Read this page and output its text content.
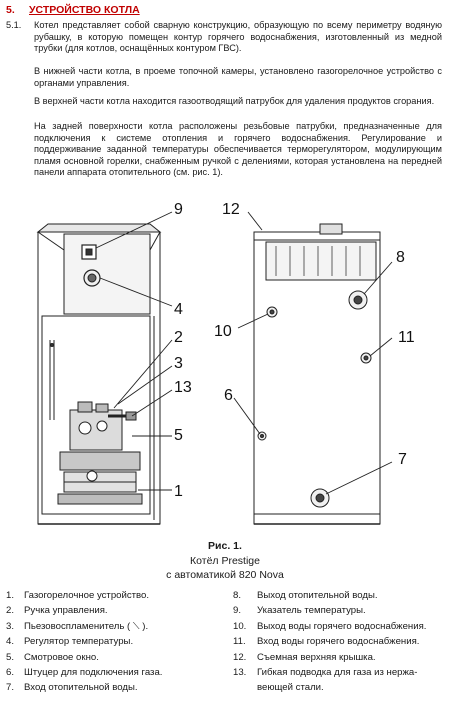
5. УСТРОЙСТВО КОТЛА
5.1. Котел представляет собой сварную конструкцию, образующую по всему периметру водяную рубашку, в которую помещен контур горячего водоснабжения, изготовленный из медной трубки (для котлов, оснащённых контуром ГВС).
В нижней части котла, в проеме топочной камеры, установлено газогорелочное устройство с органами управления.
В верхней части котла находится газоотводящий патрубок для удаления продуктов сгорания.
На задней поверхности котла расположены резьбовые патрубки, предназначенные для подключения к системе отопления и горячего водоснабжения. Регулирование и поддерживание заданной температуры обеспечивается терморегулятором, модулирующим пламя основной горелки, снабженным ручкой с делениями, которая установлена на передней панели аппарата отопительного (см. рис. 1).
9
4
2
3
13
5
1
12
8
10	11
6
7
Рис. 1.
Котёл Prestige
с автоматикой 820 Nova
1. Газогорелочное устройство.
2. Ручка управления.
3. Пьезовоспламенитель ( ⟍ ).
4. Регулятор температуры.
5. Смотровое окно.
6. Штуцер для подключения газа.
7. Вход отопительной воды.
8. Выход отопительной воды.
9. Указатель температуры.
10. Выход воды горячего водоснабжения.
11. Вход воды горячего водоснабжения.
12. Съемная верхняя крышка.
13. Гибкая подводка для газа из нержа-
веющей стали.
